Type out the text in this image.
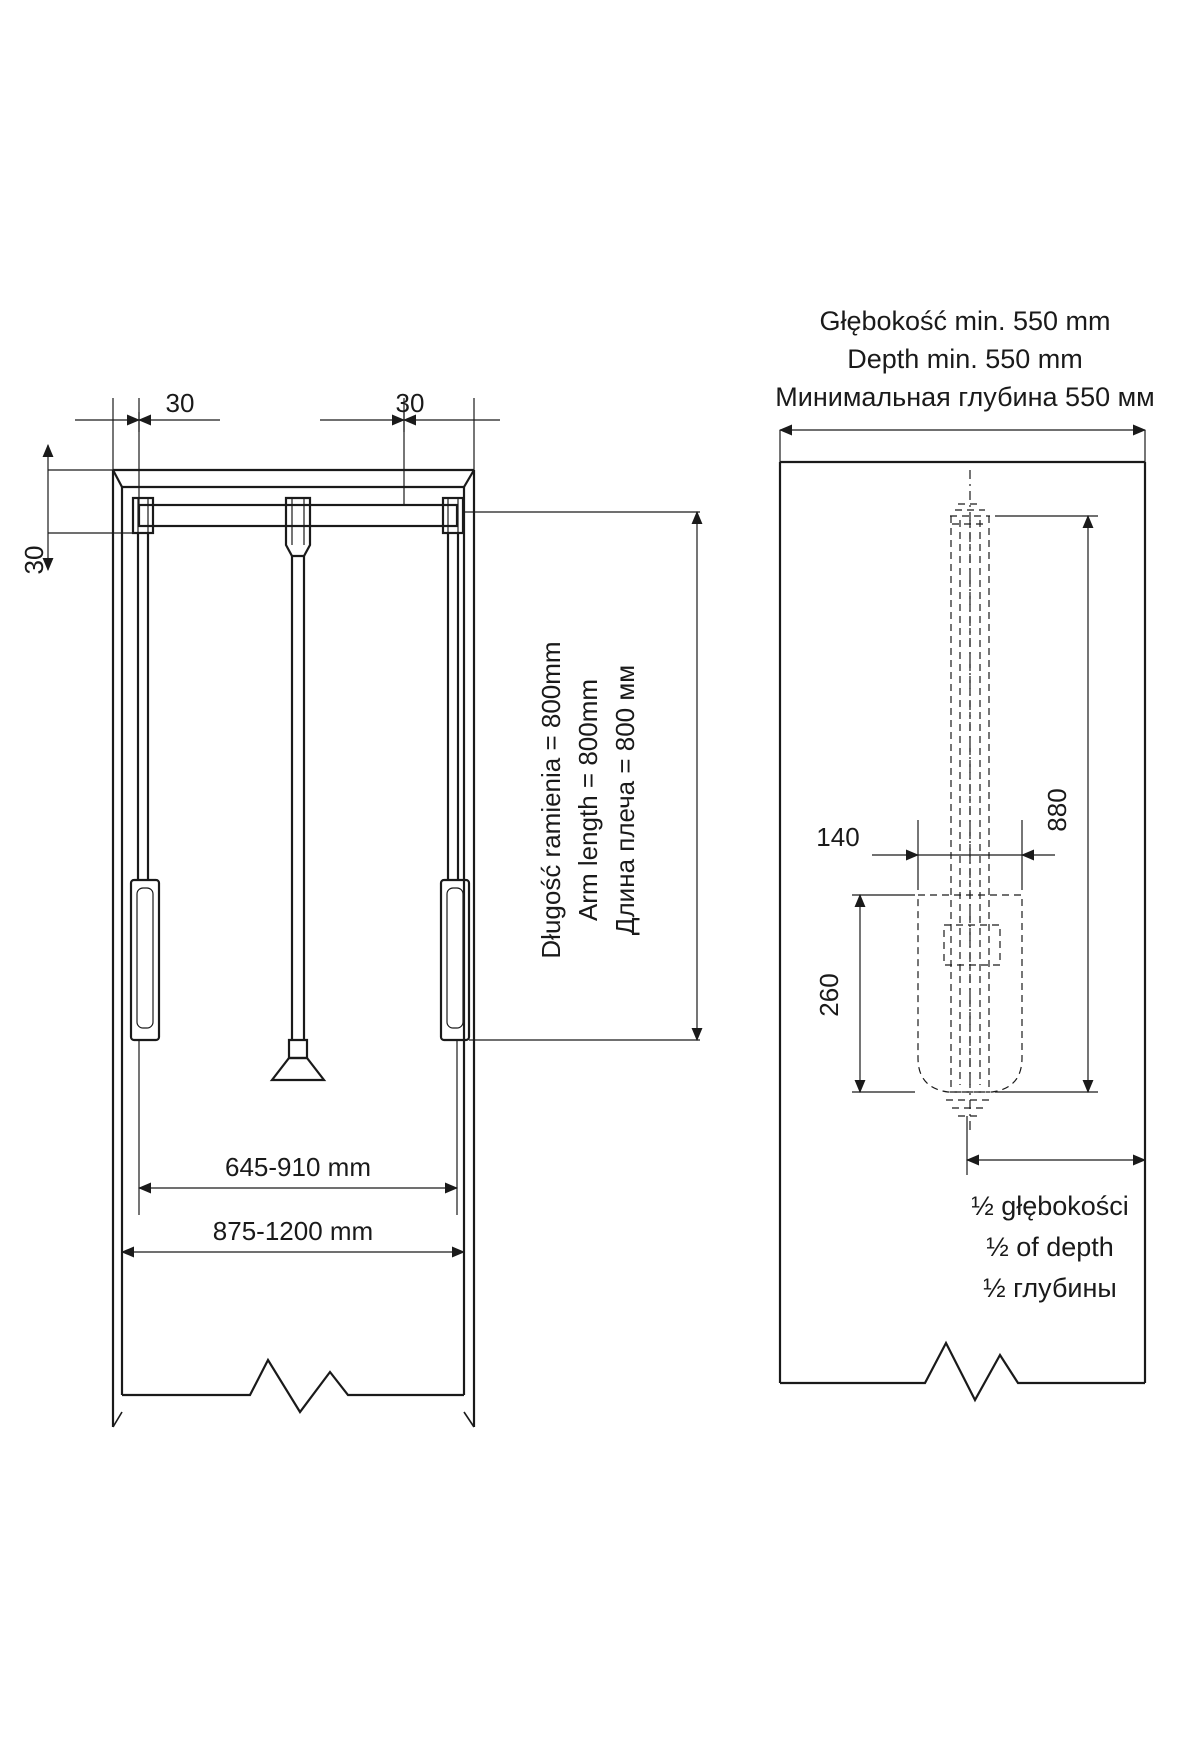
30	30
30
Długość ramienia = 800mm Arm length = 800mm Длина плеча = 800 мм
645-910 mm
875-1200 mm
Głębokość min. 550 mm
Depth min. 550 mm
Минимальная глубина 550 мм
880
140
260
½ głębokości
½ of depth
½ глубины
